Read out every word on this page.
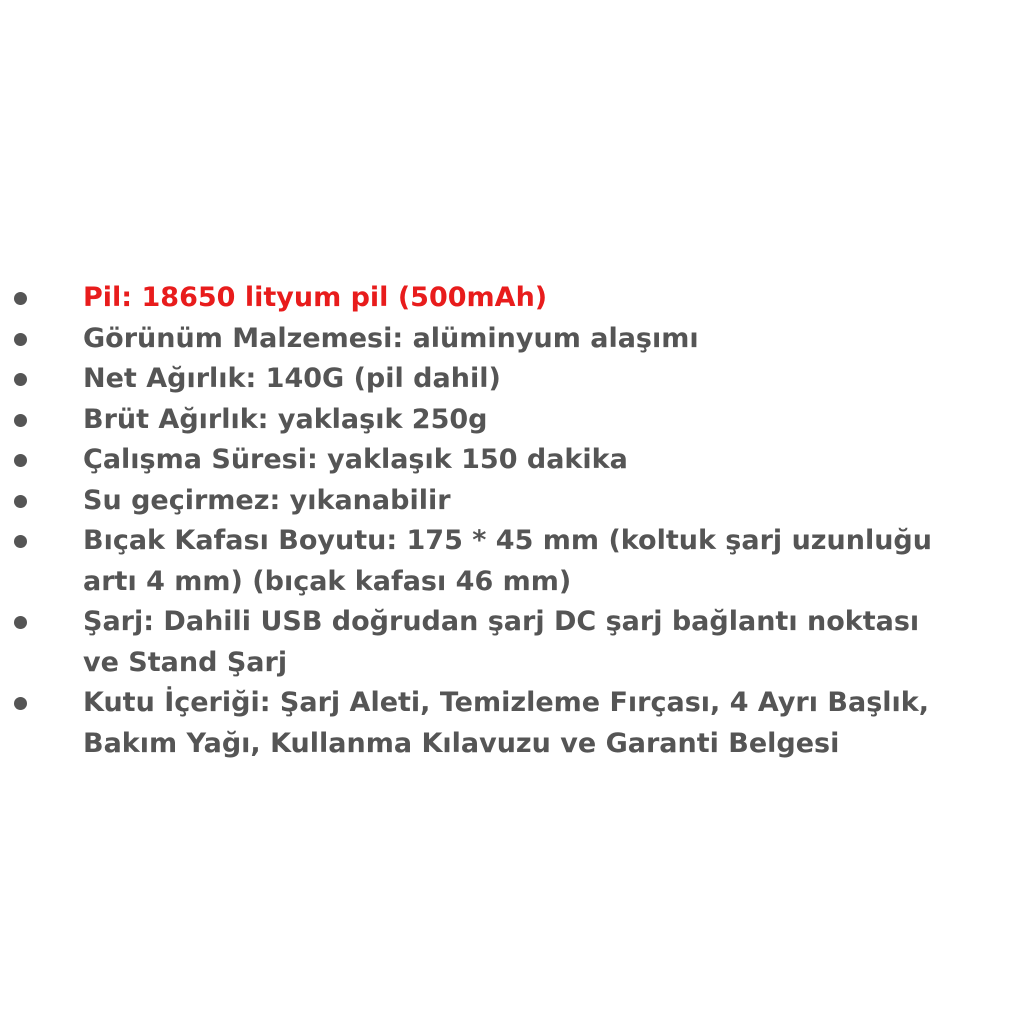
Pil: 18650 lityum pil (500mAh)
Görünüm Malzemesi: alüminyum alaşımı
Net Ağırlık: 140G (pil dahil)
Brüt Ağırlık: yaklaşık 250g
Çalışma Süresi: yaklaşık 150 dakika
Su geçirmez: yıkanabilir
Bıçak Kafası Boyutu: 175 * 45 mm (koltuk şarj uzunluğu
artı 4 mm) (bıçak kafası 46 mm)
Şarj: Dahili USB doğrudan şarj DC şarj bağlantı noktası
ve Stand Şarj
Kutu İçeriği: Şarj Aleti, Temizleme Fırçası, 4 Ayrı Başlık,
Bakım Yağı, Kullanma Kılavuzu ve Garanti Belgesi
